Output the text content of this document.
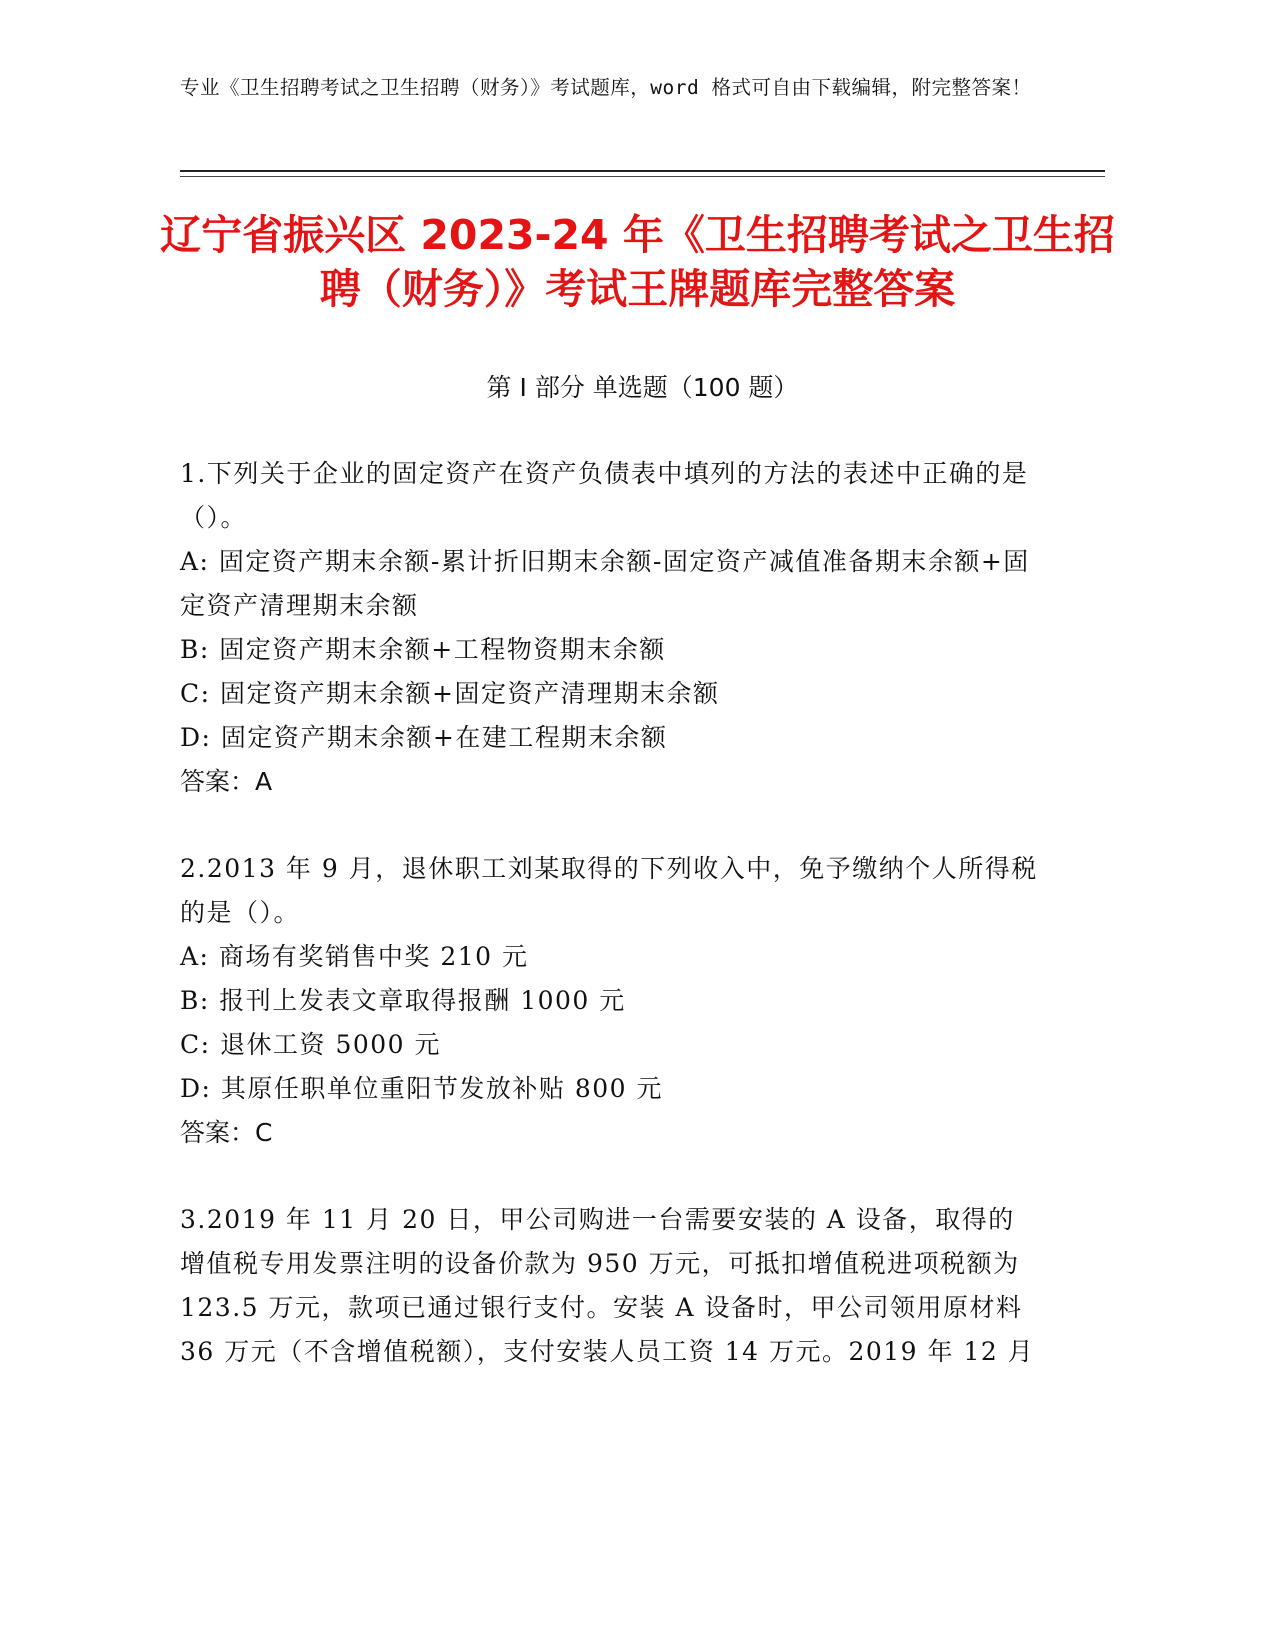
专业《卫生招聘考试之卫生招聘（财务）》考试题库，word 格式可自由下载编辑，附完整答案！
辽宁省振兴区 2023-24 年《卫生招聘考试之卫生招聘（财务）》考试王牌题库完整答案
第 I 部分 单选题（100 题）

1.下列关于企业的固定资产在资产负债表中填列的方法的表述中正确的是（）。

A: 固定资产期末余额-累计折旧期末余额-固定资产减值准备期末余额+固定资产清理期末余额

B: 固定资产期末余额+工程物资期末余额

C: 固定资产期末余额+固定资产清理期末余额

D: 固定资产期末余额+在建工程期末余额

答案：A

2.2013 年 9 月，退休职工刘某取得的下列收入中，免予缴纳个人所得税的是（）。

A: 商场有奖销售中奖 210 元

B: 报刊上发表文章取得报酬 1000 元

C: 退休工资 5000 元

D: 其原任职单位重阳节发放补贴 800 元

答案：C

3.2019 年 11 月 20 日，甲公司购进一台需要安装的 A 设备，取得的增值税专用发票注明的设备价款为 950 万元，可抵扣增值税进项税额为 123.5 万元，款项已通过银行支付。安装 A 设备时，甲公司领用原材料 36 万元（不含增值税额），支付安装人员工资 14 万元。2019 年 12 月
